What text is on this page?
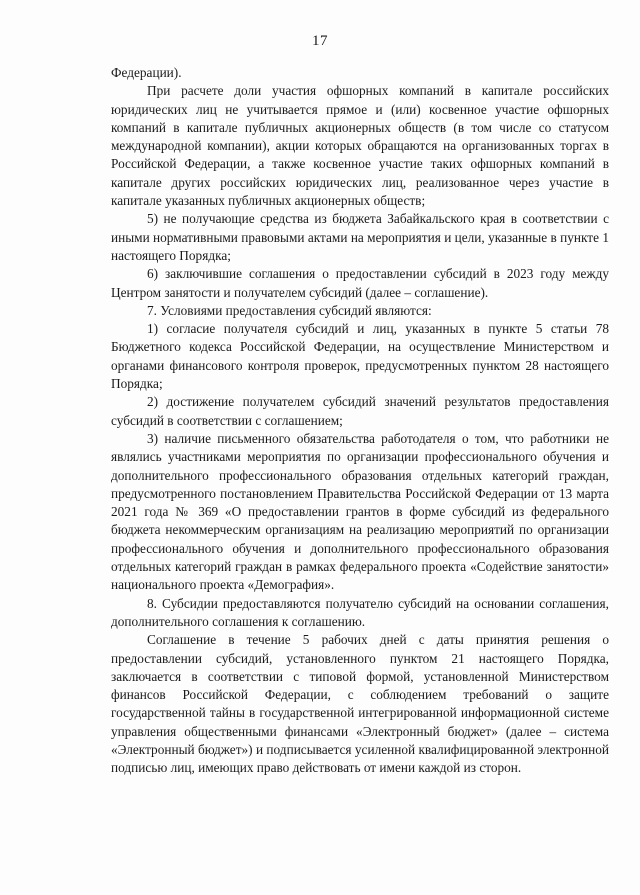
17

Федерации).

При расчете доли участия офшорных компаний в капитале российских юридических лиц не учитывается прямое и (или) косвенное участие офшорных компаний в капитале публичных акционерных обществ (в том числе со статусом международной компании), акции которых обращаются на организованных торгах в Российской Федерации, а также косвенное участие таких офшорных компаний в капитале других российских юридических лиц, реализованное через участие в капитале указанных публичных акционерных обществ;

5) не получающие средства из бюджета Забайкальского края в соответствии с иными нормативными правовыми актами на мероприятия и цели, указанные в пункте 1 настоящего Порядка;

6) заключившие соглашения о предоставлении субсидий в 2023 году между Центром занятости и получателем субсидий (далее – соглашение).

7. Условиями предоставления субсидий являются:

1) согласие получателя субсидий и лиц, указанных в пункте 5 статьи 78 Бюджетного кодекса Российской Федерации, на осуществление Министерством и органами финансового контроля проверок, предусмотренных пунктом 28 настоящего Порядка;

2) достижение получателем субсидий значений результатов предоставления субсидий в соответствии с соглашением;

3) наличие письменного обязательства работодателя о том, что работники не являлись участниками мероприятия по организации профессионального обучения и дополнительного профессионального образования отдельных категорий граждан, предусмотренного постановлением Правительства Российской Федерации от 13 марта 2021 года № 369 «О предоставлении грантов в форме субсидий из федерального бюджета некоммерческим организациям на реализацию мероприятий по организации профессионального обучения и дополнительного профессионального образования отдельных категорий граждан в рамках федерального проекта «Содействие занятости» национального проекта «Демография».

8. Субсидии предоставляются получателю субсидий на основании соглашения, дополнительного соглашения к соглашению.

Соглашение в течение 5 рабочих дней с даты принятия решения о предоставлении субсидий, установленного пунктом 21 настоящего Порядка, заключается в соответствии с типовой формой, установленной Министерством финансов Российской Федерации, с соблюдением требований о защите государственной тайны в государственной интегрированной информационной системе управления общественными финансами «Электронный бюджет» (далее – система «Электронный бюджет») и подписывается усиленной квалифицированной электронной подписью лиц, имеющих право действовать от имени каждой из сторон.
